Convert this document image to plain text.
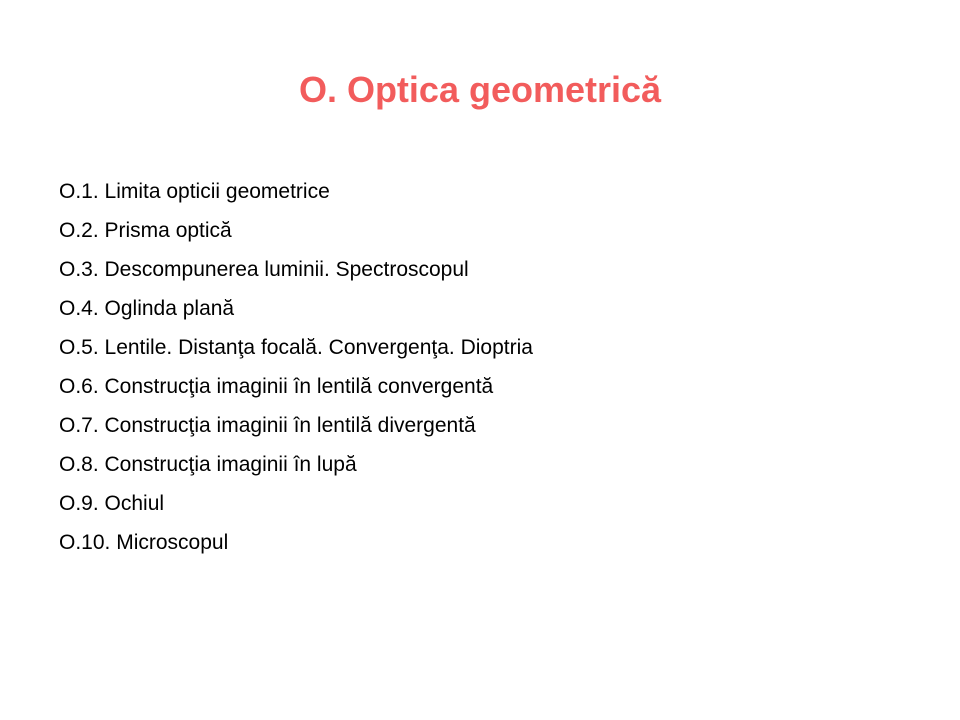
O. Optica geometrică
O.1. Limita opticii geometrice
O.2. Prisma optică
O.3. Descompunerea luminii. Spectroscopul
O.4. Oglinda plană
O.5. Lentile. Distanţa focală. Convergenţa. Dioptria
O.6. Construcţia imaginii în lentilă convergentă
O.7. Construcţia imaginii în lentilă divergentă
O.8. Construcţia imaginii în lupă
O.9. Ochiul
O.10. Microscopul
